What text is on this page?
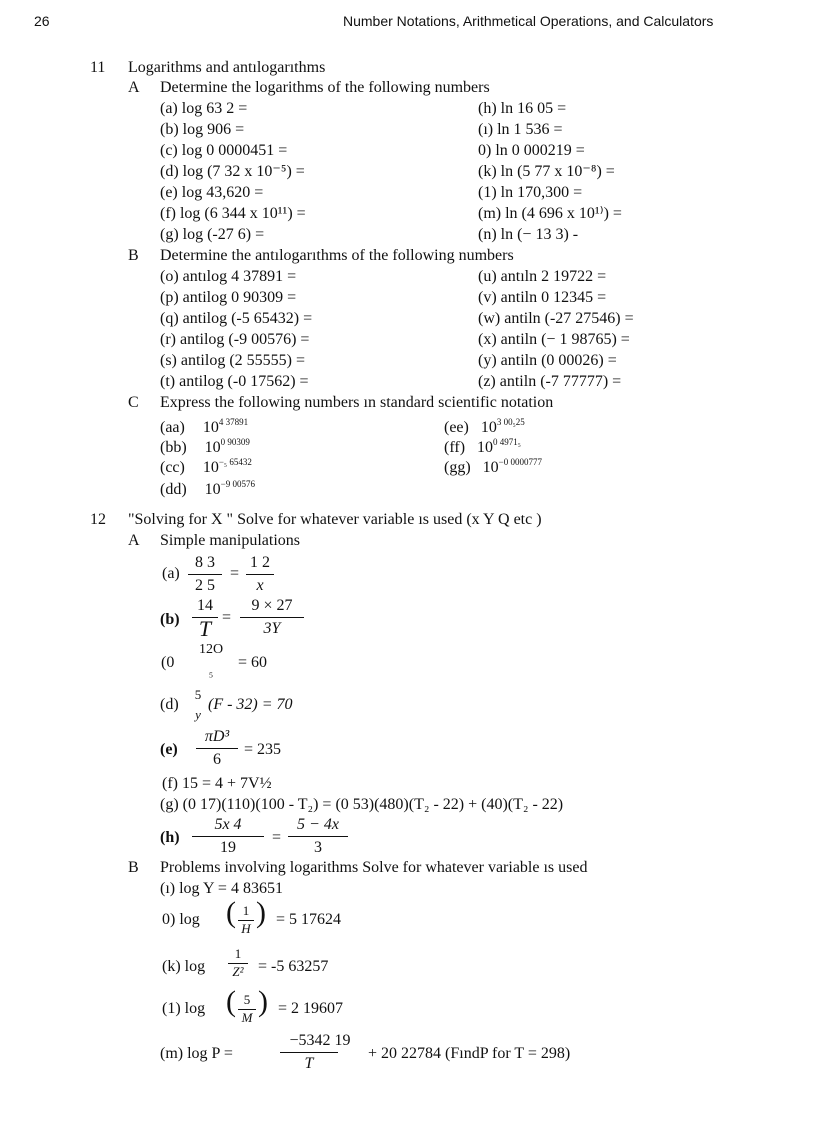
26	Number Notations, Arithmetical Operations, and Calculators
11 Logarithms and antılogarıthms
A Determine the logarithms of the following numbers
(a) log 63 2 =
(b) log 906 =
(c) log 0 0000451 =
(d) log (7 32 x 10⁻⁵) =
(e) log 43,620 =
(f) log (6 344 x 10¹¹) =
(g) log (-27 6) =
(h) ln 16 05 =
(ı) ln 1 536 =
0) ln 0 000219 =
(k) ln (5 77 x 10⁻⁸) =
(1) ln 170,300 =
(m) ln (4 696 x 10¹⁾) =
(n) ln (− 13 3) -
B Determine the antılogarıthms of the following numbers
(o) antılog 4 37891 =
(p) antilog 0 90309 =
(q) antilog (-5 65432) =
(r) antilog (-9 00576) =
(s) antilog (2 55555) =
(t) antilog (-0 17562) =
(u) antıln 2 19722 =
(v) antiln 0 12345 =
(w) antiln (-27 27546) =
(x) antiln (− 1 98765) =
(y) antiln (0 00026) =
(z) antiln (-7 77777) =
C Express the following numbers ın standard scientific notation
(aa) $10^{4 37891}$
(bb) $10^{0 90309}$
(cc) $10^{-_5 65432}$
(dd) $10^{-9 00576}$
(ee) $10^{3 00_525}$
(ff) $10^{0 4971_5}$
(gg) $10^{-0 0000777}$
12 "Solving for X " Solve for whatever variable ıs used (x Y Q etc )
A Simple manipulations
(a)
8 3
2 5
=
1 2
x
(b)
14
T =
9 × 27
3Y
(0
12O
₅	= 60
(d)
5
y
(F - 32) = 70
(e)
πD³
6
= 235
(f) 15 = 4 + 7V½
(g) (0 17)(110)(100 - T₂) = (0 53)(480)(T₂ - 22) + (40)(T₂ - 22)
(h)
5x 4
19
=
5 − 4x
3
B Problems involving logarithms Solve for whatever variable ıs used
(ı) log Y = 4 83651
0) log ( 1
H ) = 5 17624
(k) log
1
Z² = -5 63257
(1) log ( 5
M ) = 2 19607
(m) log P =
−5342 19
T
+ 20 22784 (FındP for T = 298)
